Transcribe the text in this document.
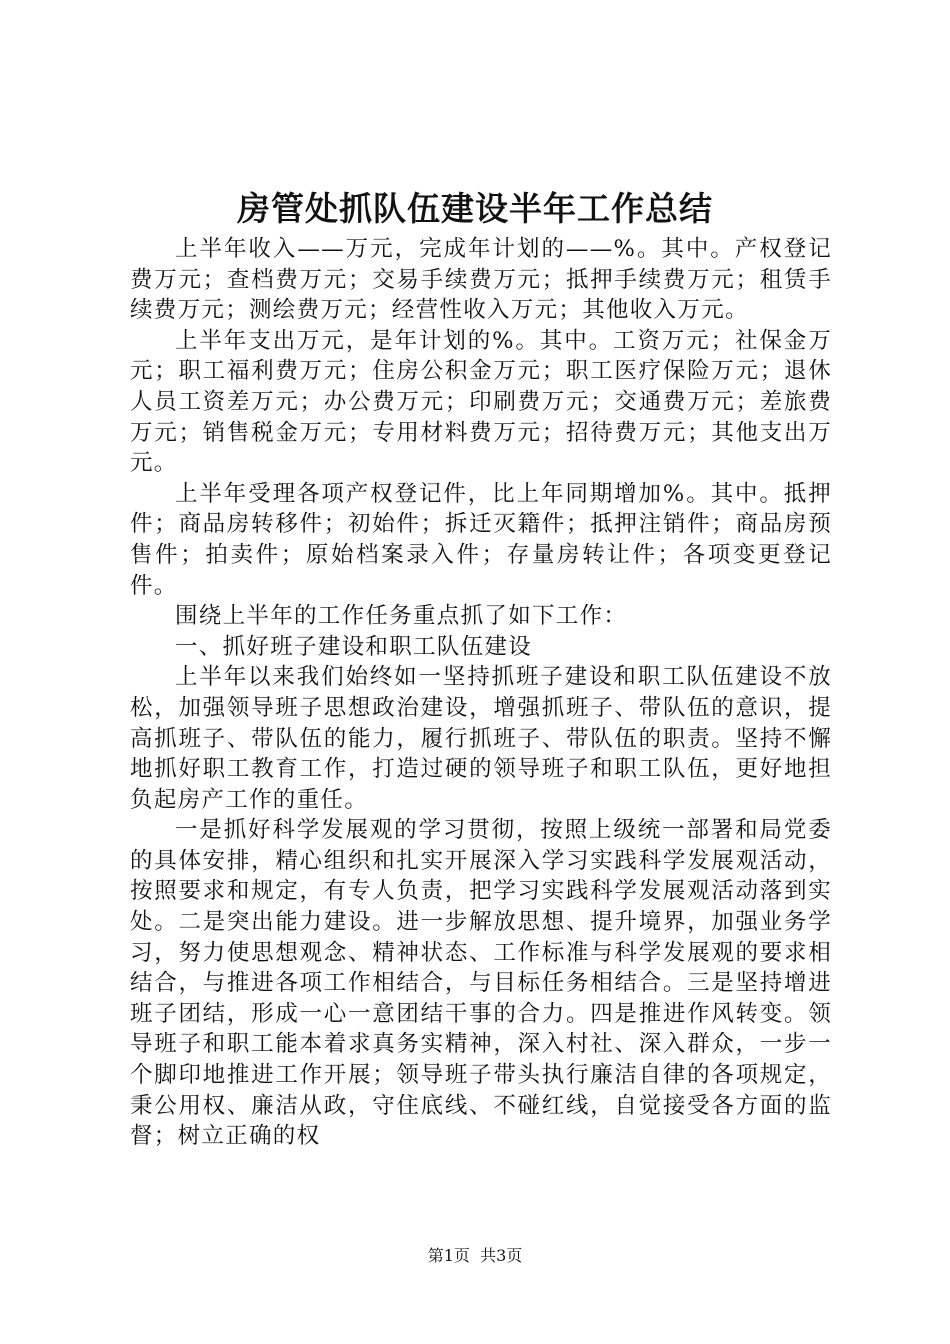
房管处抓队伍建设半年工作总结

上半年收入——万元，完成年计划的——%。其中。产权登记费万元；查档费万元；交易手续费万元；抵押手续费万元；租赁手续费万元；测绘费万元；经营性收入万元；其他收入万元。

上半年支出万元，是年计划的%。其中。工资万元；社保金万元；职工福利费万元；住房公积金万元；职工医疗保险万元；退休人员工资差万元；办公费万元；印刷费万元；交通费万元；差旅费万元；销售税金万元；专用材料费万元；招待费万元；其他支出万元。

上半年受理各项产权登记件，比上年同期增加%。其中。抵押件；商品房转移件；初始件；拆迁灭籍件；抵押注销件；商品房预售件；拍卖件；原始档案录入件；存量房转让件；各项变更登记件。

围绕上半年的工作任务重点抓了如下工作：

一、抓好班子建设和职工队伍建设

上半年以来我们始终如一坚持抓班子建设和职工队伍建设不放松，加强领导班子思想政治建设，增强抓班子、带队伍的意识，提高抓班子、带队伍的能力，履行抓班子、带队伍的职责。坚持不懈地抓好职工教育工作，打造过硬的领导班子和职工队伍，更好地担负起房产工作的重任。

一是抓好科学发展观的学习贯彻，按照上级统一部署和局党委的具体安排，精心组织和扎实开展深入学习实践科学发展观活动，按照要求和规定，有专人负责，把学习实践科学发展观活动落到实处。二是突出能力建设。进一步解放思想、提升境界，加强业务学习，努力使思想观念、精神状态、工作标准与科学发展观的要求相结合，与推进各项工作相结合，与目标任务相结合。三是坚持增进班子团结，形成一心一意团结干事的合力。四是推进作风转变。领导班子和职工能本着求真务实精神，深入村社、深入群众，一步一个脚印地推进工作开展；领导班子带头执行廉洁自律的各项规定，秉公用权、廉洁从政，守住底线、不碰红线，自觉接受各方面的监督；树立正确的权

第1页 共3页
